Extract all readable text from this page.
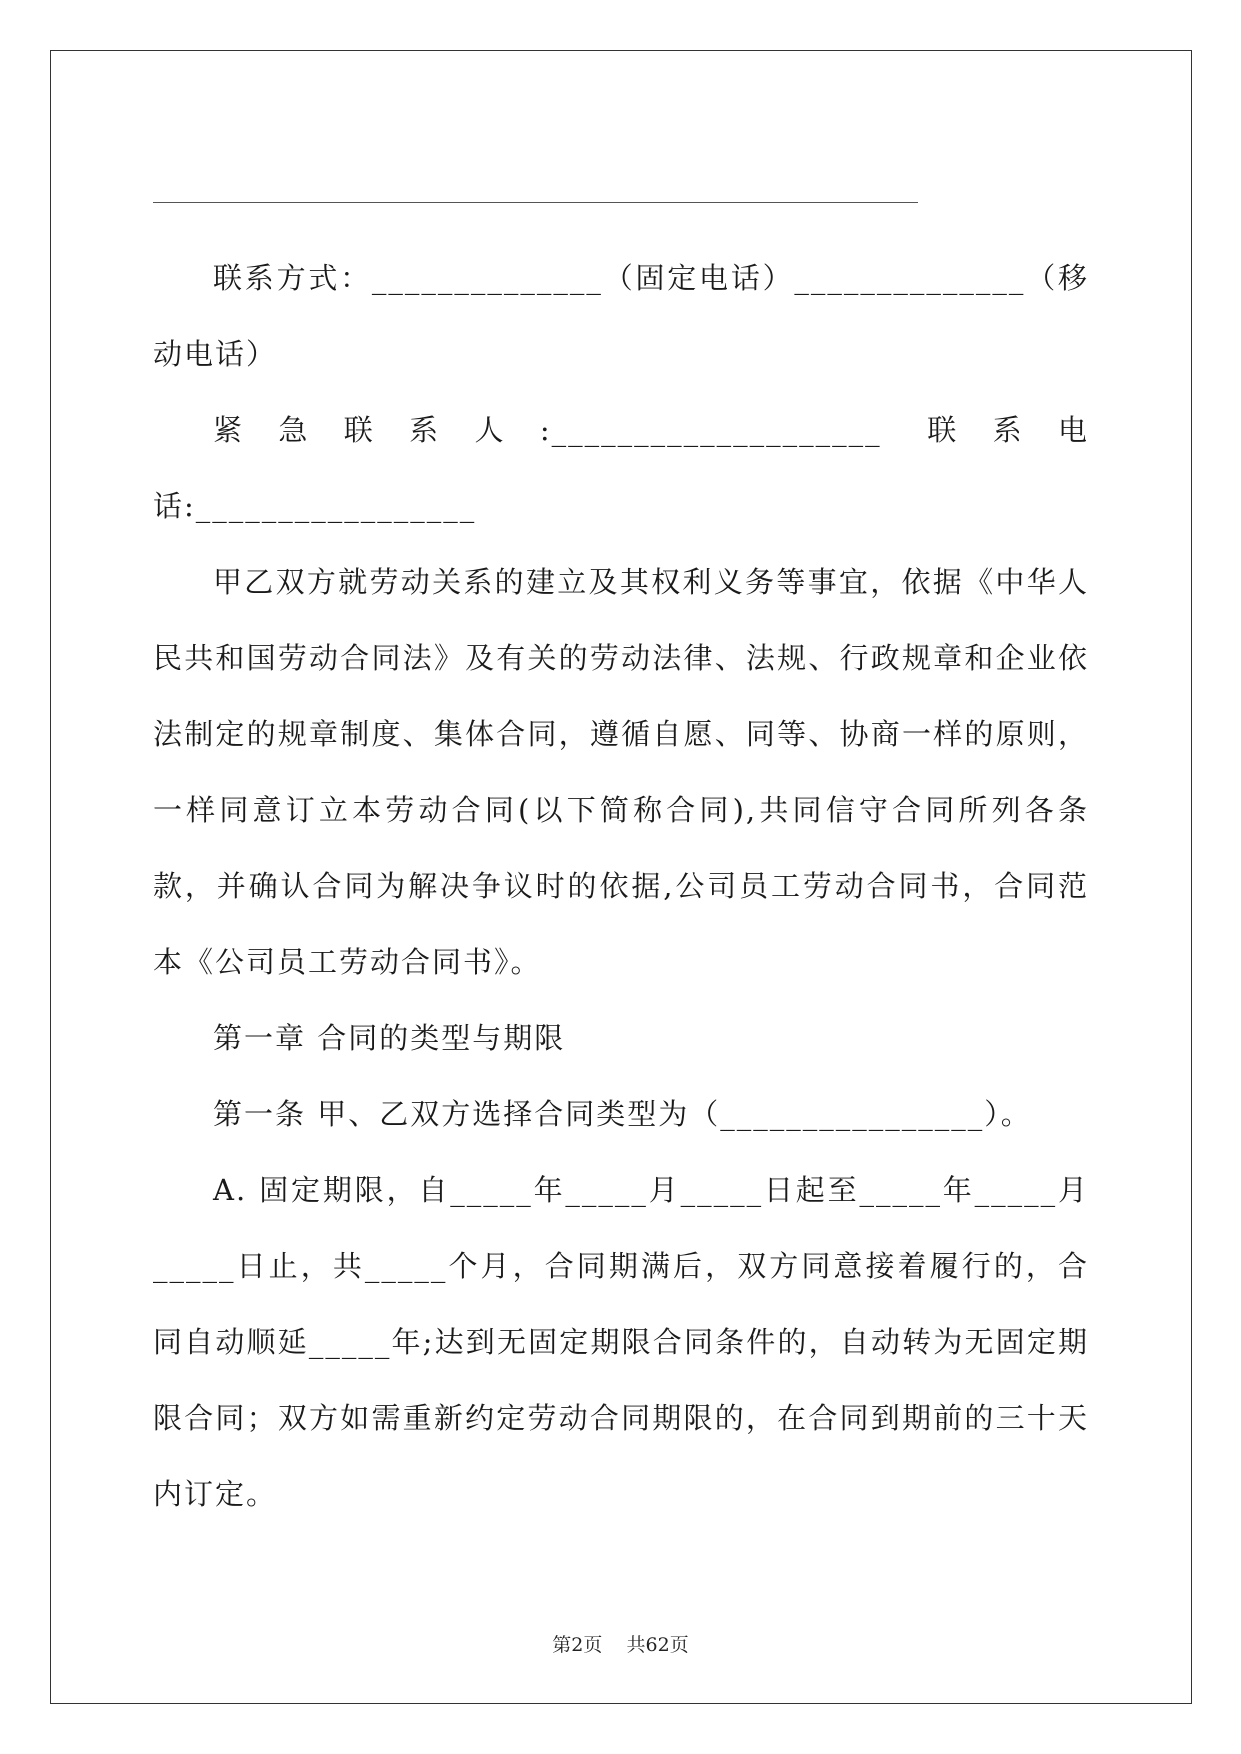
联系方式：______________（固定电话）______________（移动电话）

紧急联系人:____________________ 联系电话:_________________

甲乙双方就劳动关系的建立及其权利义务等事宜，依据《中华人民共和国劳动合同法》及有关的劳动法律、法规、行政规章和企业依法制定的规章制度、集体合同，遵循自愿、同等、协商一样的原则，一样同意订立本劳动合同(以下简称合同),共同信守合同所列各条款，并确认合同为解决争议时的依据,公司员工劳动合同书，合同范本《公司员工劳动合同书》。

第一章 合同的类型与期限

第一条 甲、乙双方选择合同类型为（________________）。

A. 固定期限，自_____年_____月_____日起至_____年_____月_____日止，共_____个月，合同期满后，双方同意接着履行的，合同自动顺延_____年;达到无固定期限合同条件的，自动转为无固定期限合同；双方如需重新约定劳动合同期限的，在合同到期前的三十天内订定。

第2页 共62页
